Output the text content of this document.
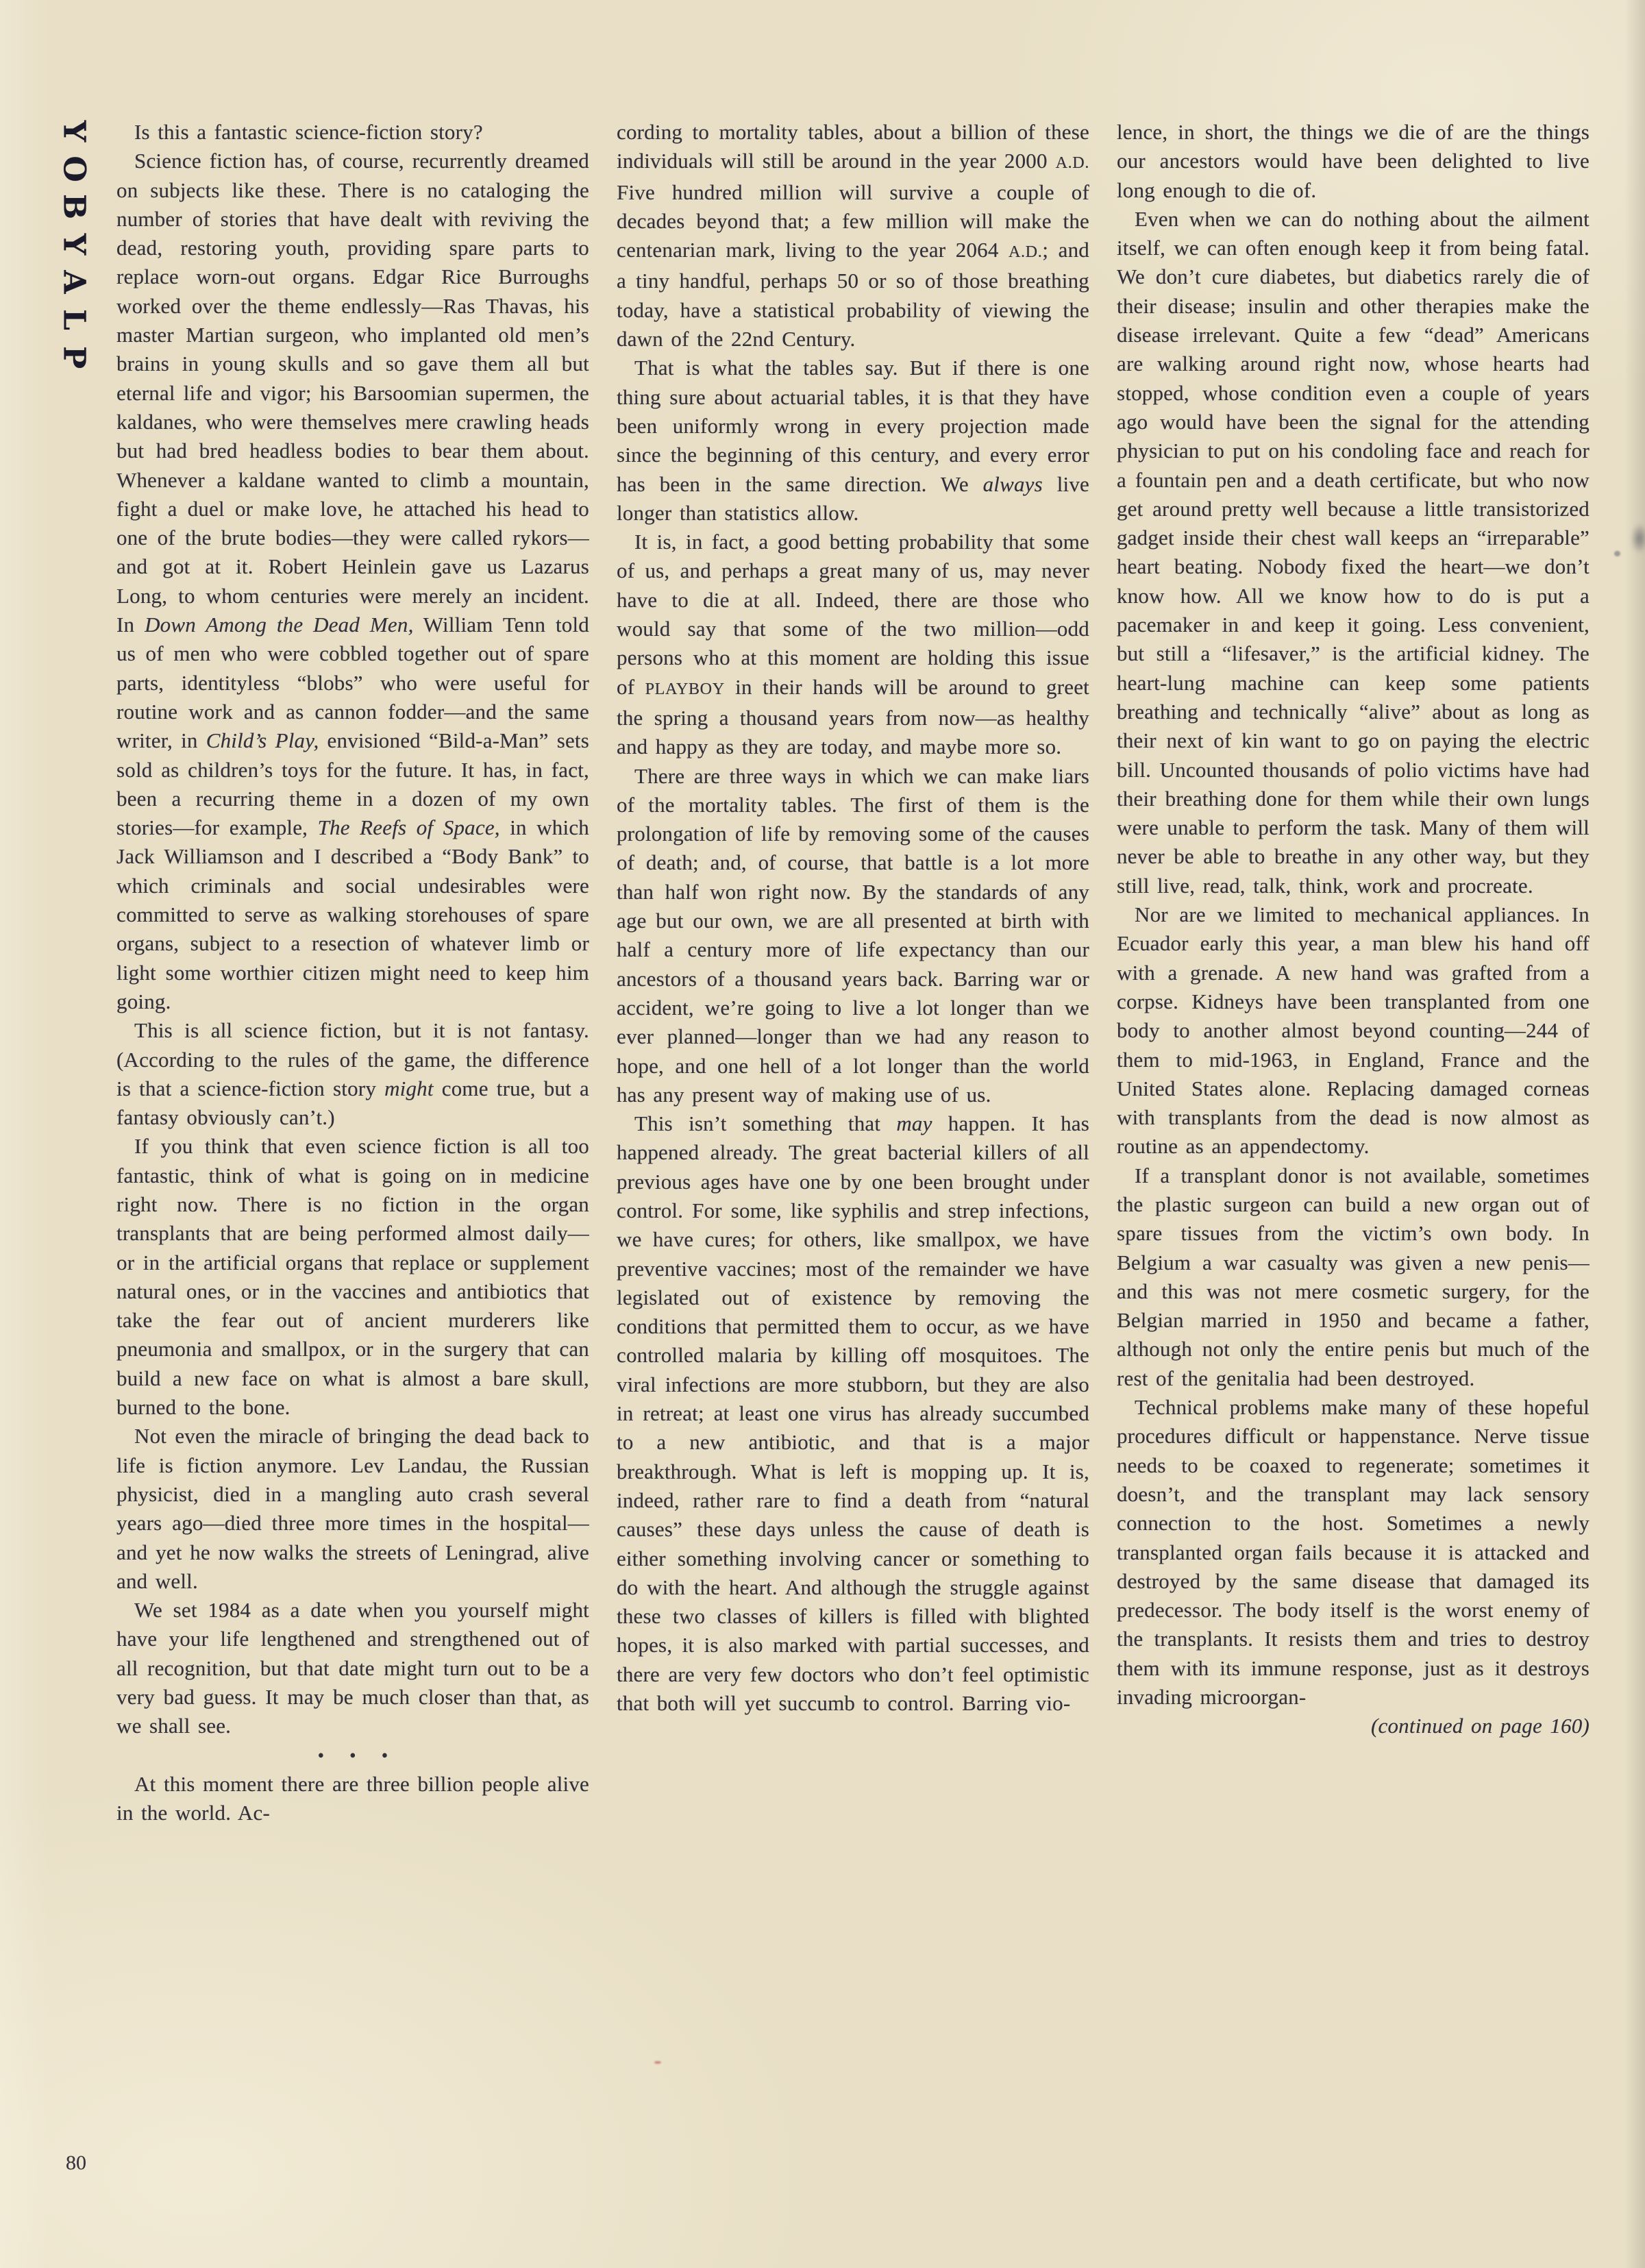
Y
O
B
Y
A
L
P

Is this a fantastic science-fiction story?

Science fiction has, of course, recurrently dreamed on subjects like these. There is no cataloging the number of stories that have dealt with reviving the dead, restoring youth, providing spare parts to replace worn-out organs. Edgar Rice Burroughs worked over the theme endlessly—Ras Thavas, his master Martian surgeon, who implanted old men’s brains in young skulls and so gave them all but eternal life and vigor; his Barsoomian supermen, the kaldanes, who were themselves mere crawling heads but had bred headless bodies to bear them about. Whenever a kaldane wanted to climb a mountain, fight a duel or make love, he attached his head to one of the brute bodies—they were called rykors—and got at it. Robert Heinlein gave us Lazarus Long, to whom centuries were merely an incident. In Down Among the Dead Men, William Tenn told us of men who were cobbled together out of spare parts, identityless “blobs” who were useful for routine work and as cannon fodder—and the same writer, in Child’s Play, envisioned “Bild-a-Man” sets sold as children’s toys for the future. It has, in fact, been a recurring theme in a dozen of my own stories—for example, The Reefs of Space, in which Jack Williamson and I described a “Body Bank” to which criminals and social undesirables were committed to serve as walking storehouses of spare organs, subject to a resection of whatever limb or light some worthier citizen might need to keep him going.

This is all science fiction, but it is not fantasy. (According to the rules of the game, the difference is that a science-fiction story might come true, but a fantasy obviously can’t.)

If you think that even science fiction is all too fantastic, think of what is going on in medicine right now. There is no fiction in the organ transplants that are being performed almost daily—or in the artificial organs that replace or supplement natural ones, or in the vaccines and antibiotics that take the fear out of ancient murderers like pneumonia and smallpox, or in the surgery that can build a new face on what is almost a bare skull, burned to the bone.

Not even the miracle of bringing the dead back to life is fiction anymore. Lev Landau, the Russian physicist, died in a mangling auto crash several years ago—died three more times in the hospital—and yet he now walks the streets of Leningrad, alive and well.

We set 1984 as a date when you yourself might have your life lengthened and strengthened out of all recognition, but that date might turn out to be a very bad guess. It may be much closer than that, as we shall see.

• • •

At this moment there are three billion people alive in the world. Ac-

cording to mortality tables, about a billion of these individuals will still be around in the year 2000 A.D. Five hundred million will survive a couple of decades beyond that; a few million will make the centenarian mark, living to the year 2064 A.D.; and a tiny handful, perhaps 50 or so of those breathing today, have a statistical probability of viewing the dawn of the 22nd Century.

That is what the tables say. But if there is one thing sure about actuarial tables, it is that they have been uniformly wrong in every projection made since the beginning of this century, and every error has been in the same direction. We always live longer than statistics allow.

It is, in fact, a good betting probability that some of us, and perhaps a great many of us, may never have to die at all. Indeed, there are those who would say that some of the two million—odd persons who at this moment are holding this issue of PLAYBOY in their hands will be around to greet the spring a thousand years from now—as healthy and happy as they are today, and maybe more so.

There are three ways in which we can make liars of the mortality tables. The first of them is the prolongation of life by removing some of the causes of death; and, of course, that battle is a lot more than half won right now. By the standards of any age but our own, we are all presented at birth with half a century more of life expectancy than our ancestors of a thousand years back. Barring war or accident, we’re going to live a lot longer than we ever planned—longer than we had any reason to hope, and one hell of a lot longer than the world has any present way of making use of us.

This isn’t something that may happen. It has happened already. The great bacterial killers of all previous ages have one by one been brought under control. For some, like syphilis and strep infections, we have cures; for others, like smallpox, we have preventive vaccines; most of the remainder we have legislated out of existence by removing the conditions that permitted them to occur, as we have controlled malaria by killing off mosquitoes. The viral infections are more stubborn, but they are also in retreat; at least one virus has already succumbed to a new antibiotic, and that is a major breakthrough. What is left is mopping up. It is, indeed, rather rare to find a death from “natural causes” these days unless the cause of death is either something involving cancer or something to do with the heart. And although the struggle against these two classes of killers is filled with blighted hopes, it is also marked with partial successes, and there are very few doctors who don’t feel optimistic that both will yet succumb to control. Barring vio-

lence, in short, the things we die of are the things our ancestors would have been delighted to live long enough to die of.

Even when we can do nothing about the ailment itself, we can often enough keep it from being fatal. We don’t cure diabetes, but diabetics rarely die of their disease; insulin and other therapies make the disease irrelevant. Quite a few “dead” Americans are walking around right now, whose hearts had stopped, whose condition even a couple of years ago would have been the signal for the attending physician to put on his condoling face and reach for a fountain pen and a death certificate, but who now get around pretty well because a little transistorized gadget inside their chest wall keeps an “irreparable” heart beating. Nobody fixed the heart—we don’t know how. All we know how to do is put a pacemaker in and keep it going. Less convenient, but still a “lifesaver,” is the artificial kidney. The heart-lung machine can keep some patients breathing and technically “alive” about as long as their next of kin want to go on paying the electric bill. Uncounted thousands of polio victims have had their breathing done for them while their own lungs were unable to perform the task. Many of them will never be able to breathe in any other way, but they still live, read, talk, think, work and procreate.

Nor are we limited to mechanical appliances. In Ecuador early this year, a man blew his hand off with a grenade. A new hand was grafted from a corpse. Kidneys have been transplanted from one body to another almost beyond counting—244 of them to mid-1963, in England, France and the United States alone. Replacing damaged corneas with transplants from the dead is now almost as routine as an appendectomy.

If a transplant donor is not available, sometimes the plastic surgeon can build a new organ out of spare tissues from the victim’s own body. In Belgium a war casualty was given a new penis—and this was not mere cosmetic surgery, for the Belgian married in 1950 and became a father, although not only the entire penis but much of the rest of the genitalia had been destroyed.

Technical problems make many of these hopeful procedures difficult or happenstance. Nerve tissue needs to be coaxed to regenerate; sometimes it doesn’t, and the transplant may lack sensory connection to the host. Sometimes a newly transplanted organ fails because it is attacked and destroyed by the same disease that damaged its predecessor. The body itself is the worst enemy of the transplants. It resists them and tries to destroy them with its immune response, just as it destroys invading microorgan-

(continued on page 160)

80
